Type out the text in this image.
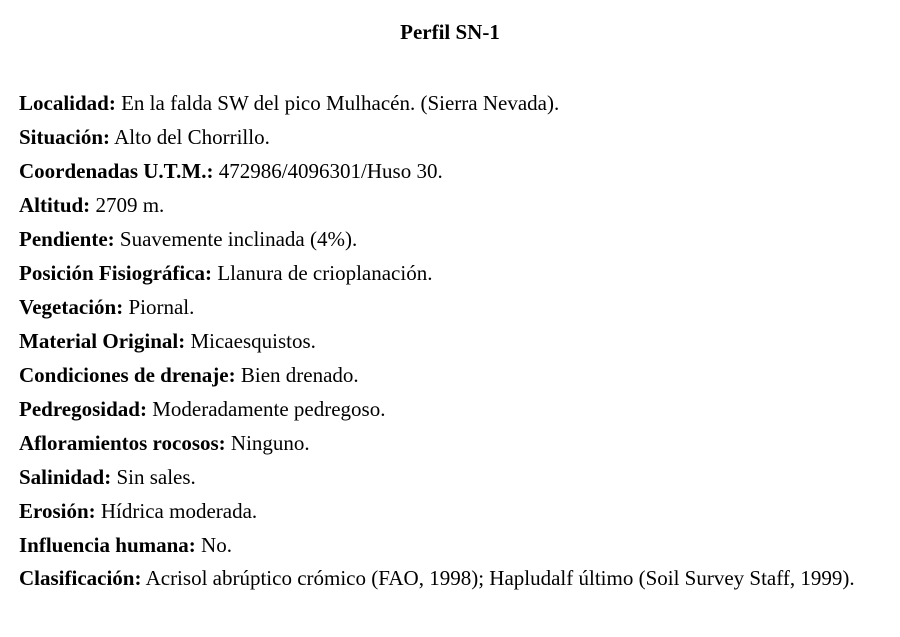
Perfil SN-1
Localidad: En la falda SW del pico Mulhacén. (Sierra Nevada).
Situación: Alto del Chorrillo.
Coordenadas U.T.M.: 472986/4096301/Huso 30.
Altitud: 2709 m.
Pendiente: Suavemente inclinada (4%).
Posición Fisiográfica: Llanura de crioplanación.
Vegetación: Piornal.
Material Original: Micaesquistos.
Condiciones de drenaje: Bien drenado.
Pedregosidad: Moderadamente pedregoso.
Afloramientos rocosos: Ninguno.
Salinidad: Sin sales.
Erosión: Hídrica moderada.
Influencia humana: No.
Clasificación: Acrisol abrúptico crómico (FAO, 1998); Hapludalf último (Soil Survey Staff, 1999).
